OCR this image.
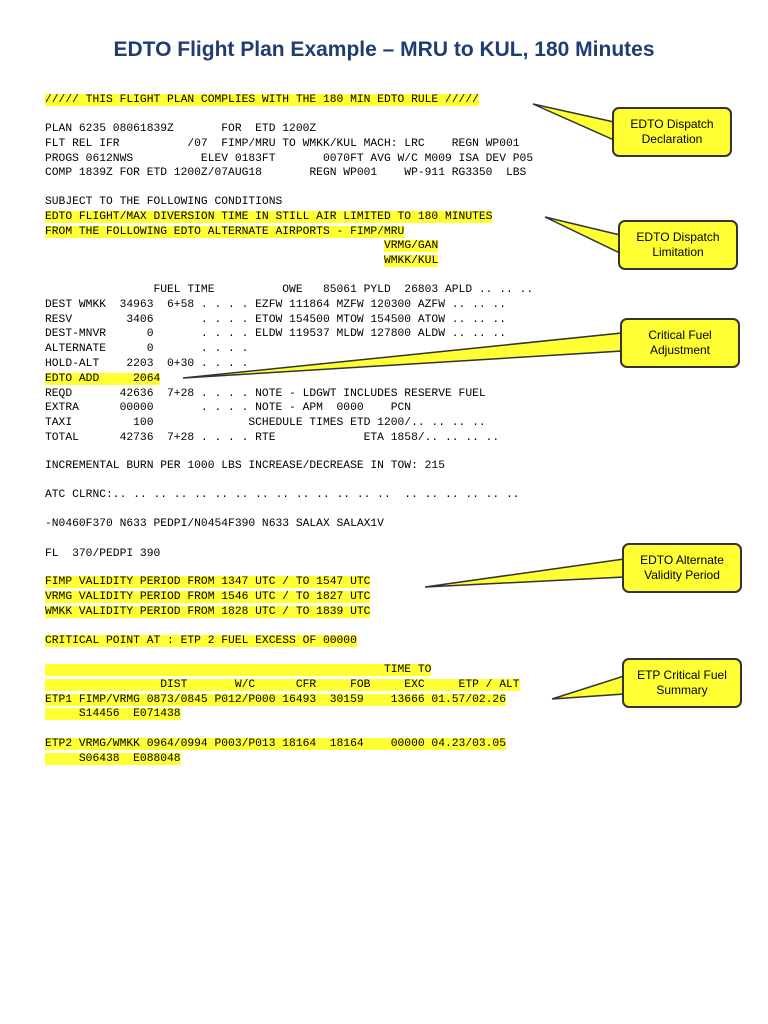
EDTO Flight Plan Example – MRU to KUL, 180 Minutes
///// THIS FLIGHT PLAN COMPLIES WITH THE 180 MIN EDTO RULE /////
PLAN 6235 08061839Z       FOR  ETD 1200Z
FLT REL IFR          /07  FIMP/MRU TO WMKK/KUL MACH: LRC    REGN WP001
PROGS 0612NWS          ELEV 0183FT       0070FT AVG W/C M009 ISA DEV P05
COMP 1839Z FOR ETD 1200Z/07AUG18       REGN WP001    WP-911 RG3350  LBS
SUBJECT TO THE FOLLOWING CONDITIONS
EDTO FLIGHT/MAX DIVERSION TIME IN STILL AIR LIMITED TO 180 MINUTES
FROM THE FOLLOWING EDTO ALTERNATE AIRPORTS - FIMP/MRU
VRMG/GAN
WMKK/KUL
FUEL TIME          OWE   85061 PYLD  26803 APLD .. .. ..
DEST WMKK  34963  6+58 . . . . EZFW 111864 MZFW 120300 AZFW .. .. ..
RESV        3406       . . . . ETOW 154500 MTOW 154500 ATOW .. .. ..
DEST-MNVR      0       . . . . ELDW 119537 MLDW 127800 ALDW .. .. ..
ALTERNATE      0       . . . .
HOLD-ALT    2203  0+30 . . . .
EDTO ADD     2064
REQD       42636  7+28 . . . . NOTE - LDGWT INCLUDES RESERVE FUEL
EXTRA      00000       . . . . NOTE - APM  0000    PCN
TAXI         100              SCHEDULE TIMES ETD 1200/.. .. .. ..
TOTAL      42736  7+28 . . . . RTE             ETA 1858/.. .. .. ..
INCREMENTAL BURN PER 1000 LBS INCREASE/DECREASE IN TOW: 215
ATC CLRNC:.. .. .. .. .. .. .. .. .. .. .. .. .. ..  .. .. .. .. .. ..
-N0460F370 N633 PEDPI/N0454F390 N633 SALAX SALAX1V
FL  370/PEDPI 390
FIMP VALIDITY PERIOD FROM 1347 UTC / TO 1547 UTC
VRMG VALIDITY PERIOD FROM 1546 UTC / TO 1827 UTC
WMKK VALIDITY PERIOD FROM 1828 UTC / TO 1839 UTC
CRITICAL POINT AT : ETP 2 FUEL EXCESS OF 00000
TIME TO
DIST       W/C      CFR     FOB     EXC     ETP / ALT
ETP1 FIMP/VRMG 0873/0845 P012/P000 16493  30159    13666 01.57/02.26
S14456  E071438

ETP2 VRMG/WMKK 0964/0994 P003/P013 18164  18164    00000 04.23/03.05
S06438  E088048
EDTO Dispatch Declaration
EDTO Dispatch Limitation
Critical Fuel Adjustment
EDTO Alternate Validity Period
ETP Critical Fuel Summary
